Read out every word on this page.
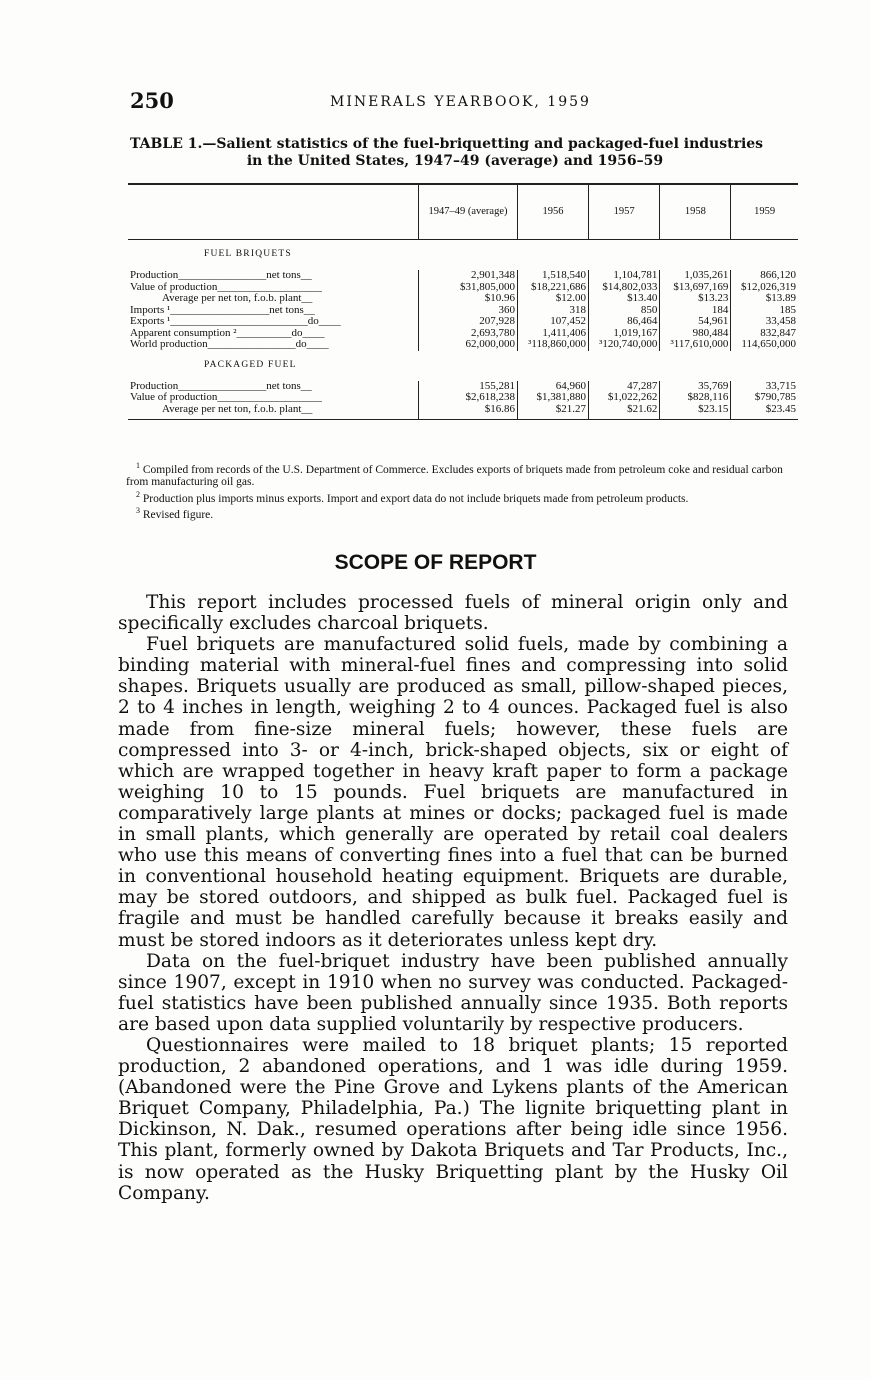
250	MINERALS YEARBOOK, 1959
TABLE 1.—Salient statistics of the fuel-briquetting and packaged-fuel industries
in the United States, 1947–49 (average) and 1956–59
	1947–49 (average)	1956	1957	1958	1959
FUEL BRIQUETS					
Production________________net tons__	2,901,348	1,518,540	1,104,781	1,035,261	866,120
Value of production___________________	$31,805,000	$18,221,686	$14,802,033	$13,697,169	$12,026,319
Average per net ton, f.o.b. plant__	$10.96	$12.00	$13.40	$13.23	$13.89
Imports ¹__________________net tons__	360	318	850	184	185
Exports ¹_________________________do____	207,928	107,452	86,464	54,961	33,458
Apparent consumption ²__________do____	2,693,780	1,411,406	1,019,167	980,484	832,847
World production________________do____	62,000,000	³118,860,000	³120,740,000	³117,610,000	114,650,000
PACKAGED FUEL					
Production________________net tons__	155,281	64,960	47,287	35,769	33,715
Value of production___________________	$2,618,238	$1,381,880	$1,022,262	$828,116	$790,785
Average per net ton, f.o.b. plant__	$16.86	$21.27	$21.62	$23.15	$23.45

$^1$ Compiled from records of the U.S. Department of Commerce. Excludes exports of briquets made from petroleum coke and residual carbon from manufacturing oil gas.

$^2$ Production plus imports minus exports. Import and export data do not include briquets made from petroleum products.

$^3$ Revised figure.

SCOPE OF REPORT

This report includes processed fuels of mineral origin only and specifically excludes charcoal briquets.

Fuel briquets are manufactured solid fuels, made by combining a binding material with mineral-fuel fines and compressing into solid shapes. Briquets usually are produced as small, pillow-shaped pieces, 2 to 4 inches in length, weighing 2 to 4 ounces. Packaged fuel is also made from fine-size mineral fuels; however, these fuels are compressed into 3- or 4-inch, brick-shaped objects, six or eight of which are wrapped together in heavy kraft paper to form a package weighing 10 to 15 pounds. Fuel briquets are manufactured in comparatively large plants at mines or docks; packaged fuel is made in small plants, which generally are operated by retail coal dealers who use this means of converting fines into a fuel that can be burned in conventional household heating equipment. Briquets are durable, may be stored outdoors, and shipped as bulk fuel. Packaged fuel is fragile and must be handled carefully because it breaks easily and must be stored indoors as it deteriorates unless kept dry.

Data on the fuel-briquet industry have been published annually since 1907, except in 1910 when no survey was conducted. Packaged-fuel statistics have been published annually since 1935. Both reports are based upon data supplied voluntarily by respective producers.

Questionnaires were mailed to 18 briquet plants; 15 reported production, 2 abandoned operations, and 1 was idle during 1959. (Abandoned were the Pine Grove and Lykens plants of the American Briquet Company, Philadelphia, Pa.) The lignite briquetting plant in Dickinson, N. Dak., resumed operations after being idle since 1956. This plant, formerly owned by Dakota Briquets and Tar Products, Inc., is now operated as the Husky Briquetting plant by the Husky Oil Company.
